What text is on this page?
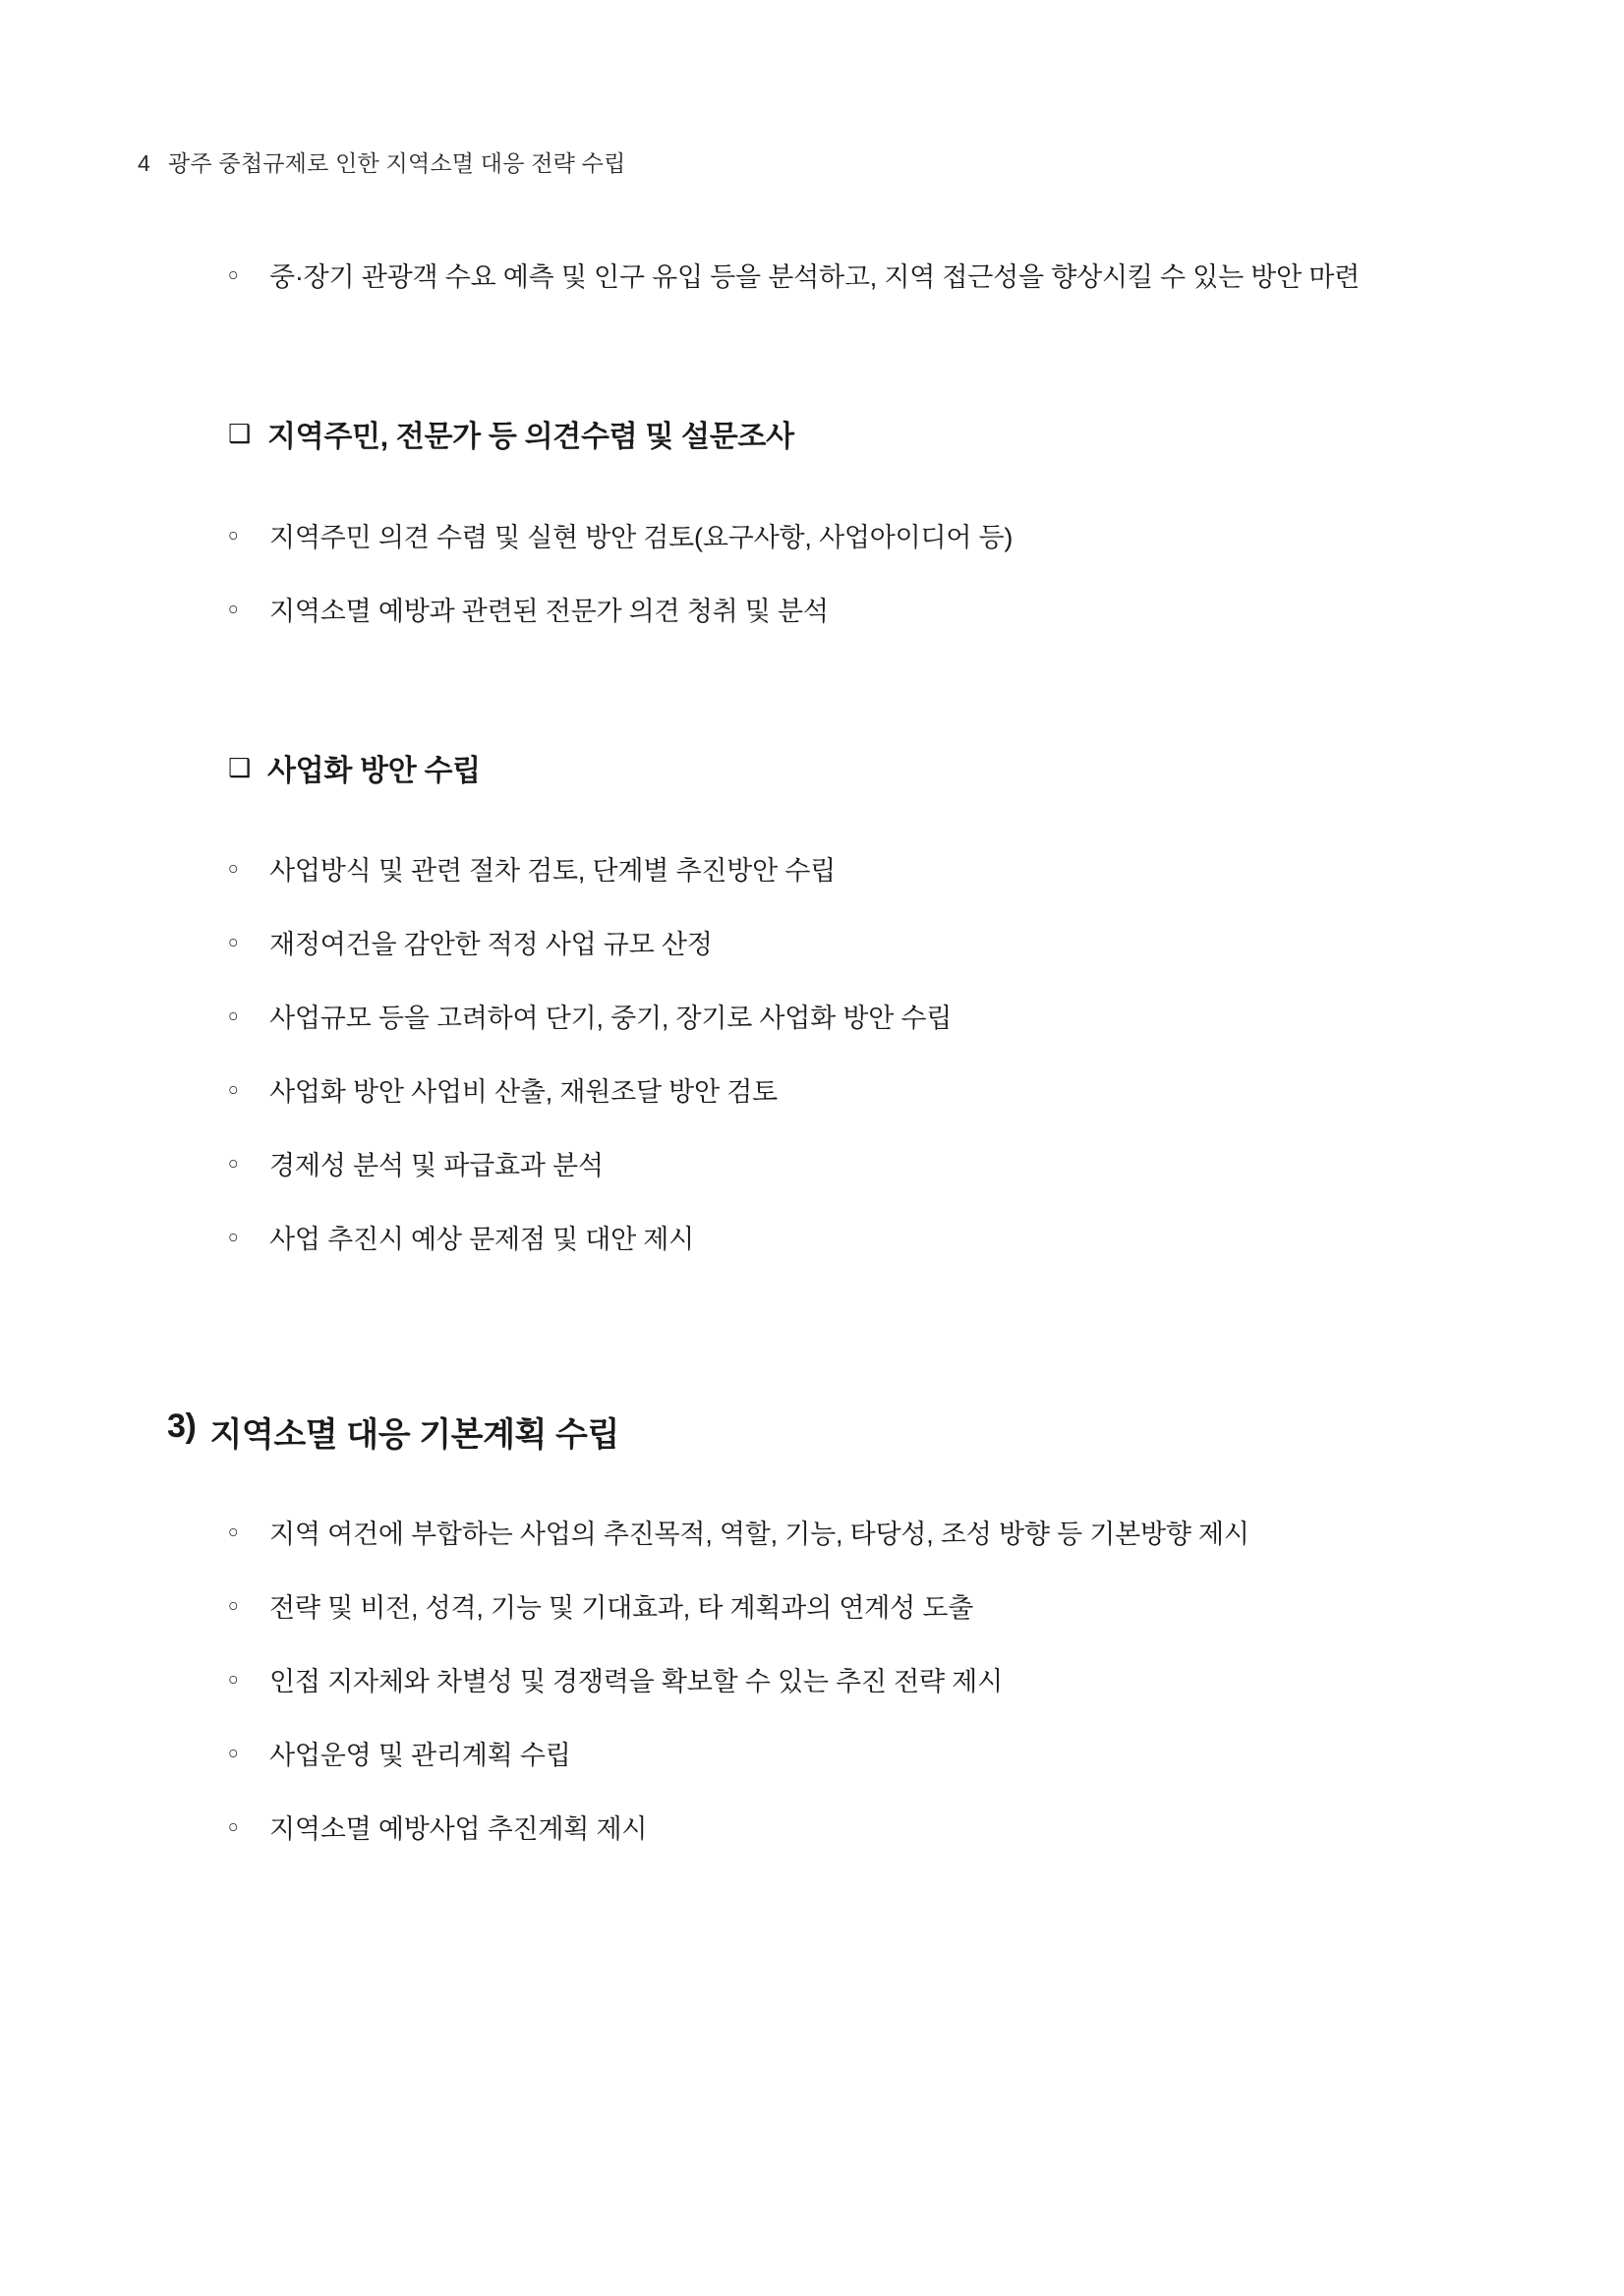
4 광주 중첩규제로 인한 지역소멸 대응 전략 수립
￮	중·장기 관광객 수요 예측 및 인구 유입 등을 분석하고, 지역 접근성을 향상시킬 수 있는 방안 마련
❑ 지역주민, 전문가 등 의견수렴 및 설문조사
￮	지역주민 의견 수렴 및 실현 방안 검토(요구사항, 사업아이디어 등)
￮	지역소멸 예방과 관련된 전문가 의견 청취 및 분석
❑ 사업화 방안 수립
￮	사업방식 및 관련 절차 검토, 단계별 추진방안 수립
￮	재정여건을 감안한 적정 사업 규모 산정
￮	사업규모 등을 고려하여 단기, 중기, 장기로 사업화 방안 수립
￮	사업화 방안 사업비 산출, 재원조달 방안 검토
￮	경제성 분석 및 파급효과 분석
￮	사업 추진시 예상 문제점 및 대안 제시
3) 지역소멸 대응 기본계획 수립
￮	지역 여건에 부합하는 사업의 추진목적, 역할, 기능, 타당성, 조성 방향 등 기본방향 제시
￮	전략 및 비전, 성격, 기능 및 기대효과, 타 계획과의 연계성 도출
￮	인접 지자체와 차별성 및 경쟁력을 확보할 수 있는 추진 전략 제시
￮	사업운영 및 관리계획 수립
￮	지역소멸 예방사업 추진계획 제시
